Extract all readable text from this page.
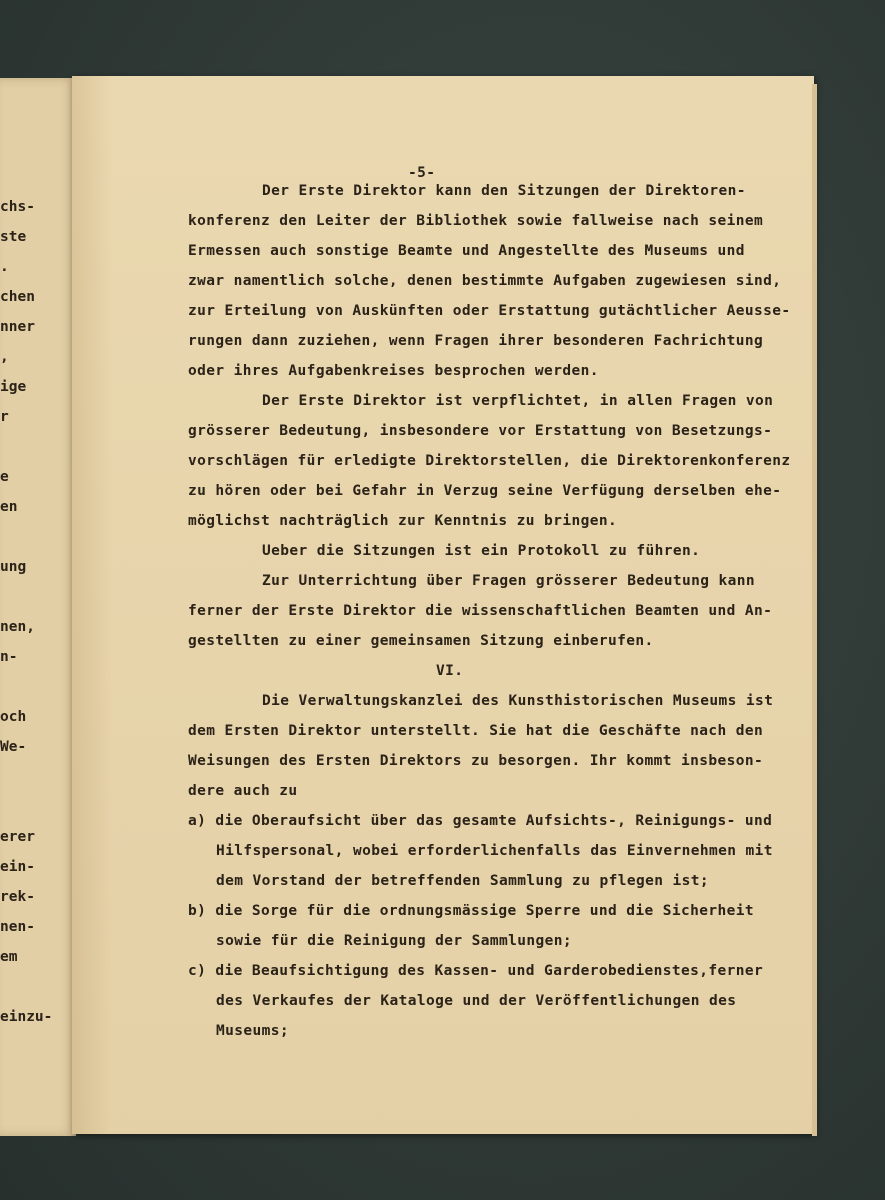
chs-
ste
.
chen
nner
,
ige
r
e
en
ung
nen,
n-
och
We-
erer
ein-
rek-
nen-
em
einzu-
-5-
Der Erste Direktor kann den Sitzungen der Direktoren-
konferenz den Leiter der Bibliothek sowie fallweise nach seinem
Ermessen auch sonstige Beamte und Angestellte des Museums und
zwar namentlich solche, denen bestimmte Aufgaben zugewiesen sind,
zur Erteilung von Auskünften oder Erstattung gutächtlicher Aeusse-
rungen dann zuziehen, wenn Fragen ihrer besonderen Fachrichtung
oder ihres Aufgabenkreises besprochen werden.
Der Erste Direktor ist verpflichtet, in allen Fragen von
grösserer Bedeutung, insbesondere vor Erstattung von Besetzungs-
vorschlägen für erledigte Direktorstellen, die Direktorenkonferenz
zu hören oder bei Gefahr in Verzug seine Verfügung derselben ehe-
möglichst nachträglich zur Kenntnis zu bringen.
Ueber die Sitzungen ist ein Protokoll zu führen.
Zur Unterrichtung über Fragen grösserer Bedeutung kann
ferner der Erste Direktor die wissenschaftlichen Beamten und An-
gestellten zu einer gemeinsamen Sitzung einberufen.
VI.
Die Verwaltungskanzlei des Kunsthistorischen Museums ist
dem Ersten Direktor unterstellt. Sie hat die Geschäfte nach den
Weisungen des Ersten Direktors zu besorgen. Ihr kommt insbeson-
dere auch zu
a) die Oberaufsicht über das gesamte Aufsichts-, Reinigungs- und
Hilfspersonal, wobei erforderlichenfalls das Einvernehmen mit
dem Vorstand der betreffenden Sammlung zu pflegen ist;
b) die Sorge für die ordnungsmässige Sperre und die Sicherheit
sowie für die Reinigung der Sammlungen;
c) die Beaufsichtigung des Kassen- und Garderobedienstes,ferner
des Verkaufes der Kataloge und der Veröffentlichungen des
Museums;
